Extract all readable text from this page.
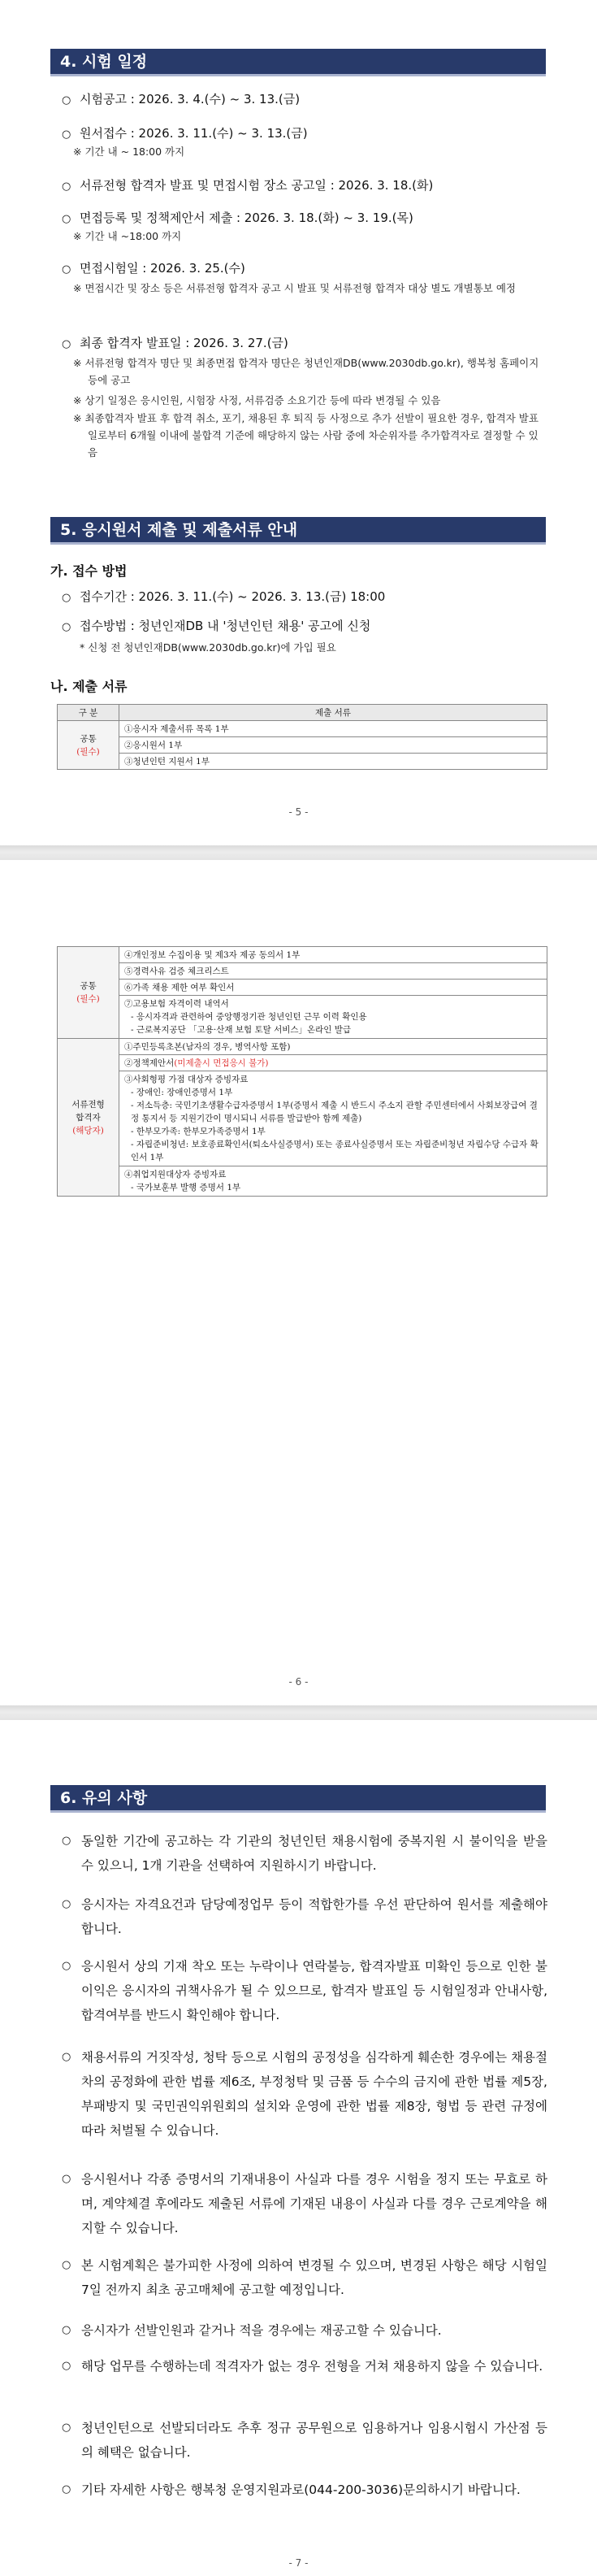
4. 시험 일정
○ 시험공고 : 2026. 3. 4.(수) ~ 3. 13.(금)
○ 원서접수 : 2026. 3. 11.(수) ~ 3. 13.(금)
※ 기간 내 ~ 18:00 까지
○ 서류전형 합격자 발표 및 면접시험 장소 공고일 : 2026. 3. 18.(화)
○ 면접등록 및 정책제안서 제출 : 2026. 3. 18.(화) ~ 3. 19.(목)
※ 기간 내 ~18:00 까지
○ 면접시험일 : 2026. 3. 25.(수)
※ 면접시간 및 장소 등은 서류전형 합격자 공고 시 발표 및 서류전형 합격자 대상 별도 개별통보 예정
○ 최종 합격자 발표일 : 2026. 3. 27.(금)
※ 서류전형 합격자 명단 및 최종면접 합격자 명단은 청년인재DB(www.2030db.go.kr), 행복청 홈페이지 등에 공고
※ 상기 일정은 응시인원, 시험장 사정, 서류검증 소요기간 등에 따라 변경될 수 있음
※ 최종합격자 발표 후 합격 취소, 포기, 채용된 후 퇴직 등 사정으로 추가 선발이 필요한 경우, 합격자 발표일로부터 6개월 이내에 불합격 기준에 해당하지 않는 사람 중에 차순위자를 추가합격자로 결정할 수 있음
5. 응시원서 제출 및 제출서류 안내
가. 접수 방법
○ 접수기간 : 2026. 3. 11.(수) ~ 2026. 3. 13.(금) 18:00
○ 접수방법 : 청년인재DB 내 '청년인턴 채용' 공고에 신청
* 신청 전 청년인재DB(www.2030db.go.kr)에 가입 필요
나. 제출 서류
구 분	제출 서류

공통
(필수)	①응시자 제출서류 목록 1부
	②응시원서 1부
	③청년인턴 지원서 1부
- 5 -
공통
(필수)	④개인정보 수집이용 및 제3자 제공 동의서 1부
	⑤경력사유 검증 체크리스트
	⑥가족 채용 제한 여부 확인서

	⑦고용보험 자격이력 내역서
- 응시자격과 관련하여 중앙행정기관 청년인턴 근무 이력 확인용
- 근로복지공단 「고용·산재 보험 토탈 서비스」온라인 발급

서류전형
합격자
(해당자)	①주민등록초본(남자의 경우, 병역사항 포함)
	②정책제안서(미제출시 면접응시 불가)

	③사회형평 가점 대상자 증빙자료
- 장애인: 장애인증명서 1부
- 저소득층: 국민기초생활수급자증명서 1부(증명서 제출 시 반드시 주소지 관할 주민센터에서 사회보장급여 결정 통지서 등 지원기간이 명시되니 서류를 발급받아 함께 제출)
- 한부모가족: 한부모가족증명서 1부
- 자립준비청년: 보호종료확인서(퇴소사실증명서) 또는 종료사실증명서 또는 자립준비청년 자립수당 수급자 확인서 1부

	④취업지원대상자 증빙자료
- 국가보훈부 발행 증명서 1부
- 6 -
6. 유의 사항
○ 동일한 기간에 공고하는 각 기관의 청년인턴 채용시험에 중복지원 시 불이익을 받을 수 있으니, 1개 기관을 선택하여 지원하시기 바랍니다.
○ 응시자는 자격요건과 담당예정업무 등이 적합한가를 우선 판단하여 원서를 제출해야 합니다.
○ 응시원서 상의 기재 착오 또는 누락이나 연락불능, 합격자발표 미확인 등으로 인한 불이익은 응시자의 귀책사유가 될 수 있으므로, 합격자 발표일 등 시험일정과 안내사항, 합격여부를 반드시 확인해야 합니다.
○ 채용서류의 거짓작성, 청탁 등으로 시험의 공정성을 심각하게 훼손한 경우에는 채용절차의 공정화에 관한 법률 제6조, 부정청탁 및 금품 등 수수의 금지에 관한 법률 제5장, 부패방지 및 국민권익위원회의 설치와 운영에 관한 법률 제8장, 형법 등 관련 규정에 따라 처벌될 수 있습니다.
○ 응시원서나 각종 증명서의 기재내용이 사실과 다를 경우 시험을 정지 또는 무효로 하며, 계약체결 후에라도 제출된 서류에 기재된 내용이 사실과 다를 경우 근로계약을 해지할 수 있습니다.
○ 본 시험계획은 불가피한 사정에 의하여 변경될 수 있으며, 변경된 사항은 해당 시험일 7일 전까지 최초 공고매체에 공고할 예정입니다.
○ 응시자가 선발인원과 같거나 적을 경우에는 재공고할 수 있습니다.
○ 해당 업무를 수행하는데 적격자가 없는 경우 전형을 거쳐 채용하지 않을 수 있습니다.
○ 청년인턴으로 선발되더라도 추후 정규 공무원으로 임용하거나 임용시험시 가산점 등의 혜택은 없습니다.
○ 기타 자세한 사항은 행복청 운영지원과로(044-200-3036)문의하시기 바랍니다.
- 7 -
